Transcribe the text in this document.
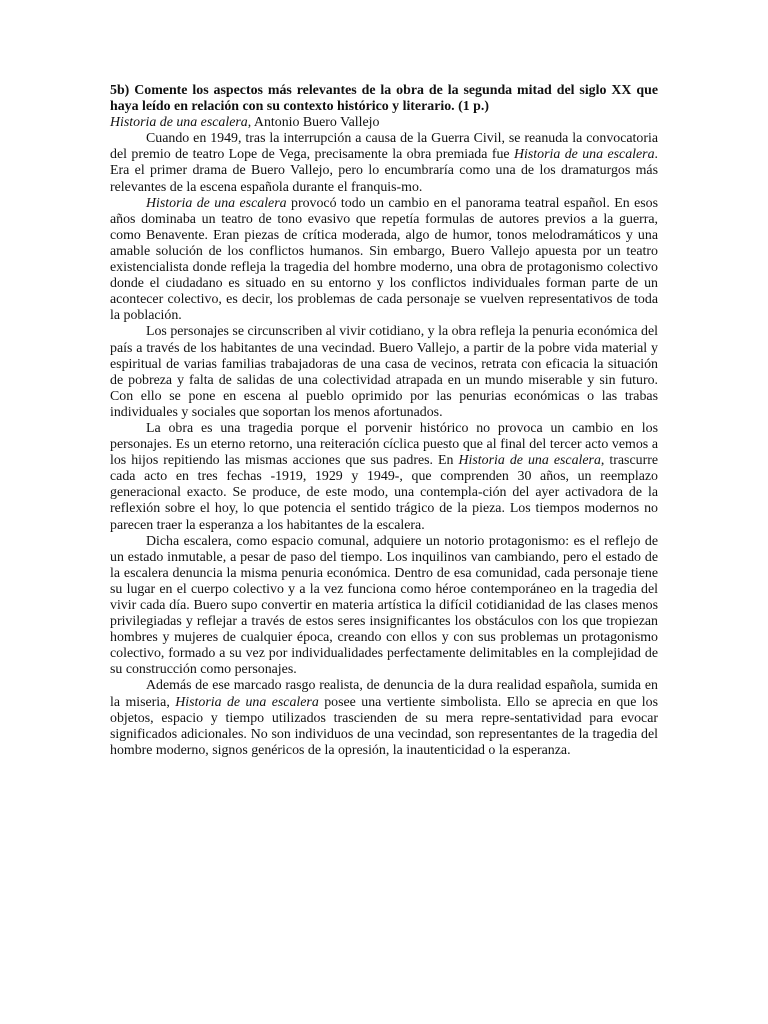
5b) Comente los aspectos más relevantes de la obra de la segunda mitad del siglo XX que haya leído en relación con su contexto histórico y literario. (1 p.)

Historia de una escalera, Antonio Buero Vallejo

Cuando en 1949, tras la interrupción a causa de la Guerra Civil, se reanuda la convocatoria del premio de teatro Lope de Vega, precisamente la obra premiada fue Historia de una escalera. Era el primer drama de Buero Vallejo, pero lo encumbraría como una de los dramaturgos más relevantes de la escena española durante el franquis-mo.

Historia de una escalera provocó todo un cambio en el panorama teatral español. En esos años dominaba un teatro de tono evasivo que repetía formulas de autores previos a la guerra, como Benavente. Eran piezas de crítica moderada, algo de humor, tonos melodramáticos y una amable solución de los conflictos humanos. Sin embargo, Buero Vallejo apuesta por un teatro existencialista donde refleja la tragedia del hombre moderno, una obra de protagonismo colectivo donde el ciudadano es situado en su entorno y los conflictos individuales forman parte de un acontecer colectivo, es decir, los problemas de cada personaje se vuelven representativos de toda la población.

Los personajes se circunscriben al vivir cotidiano, y la obra refleja la penuria económica del país a través de los habitantes de una vecindad. Buero Vallejo, a partir de la pobre vida material y espiritual de varias familias trabajadoras de una casa de vecinos, retrata con eficacia la situación de pobreza y falta de salidas de una colectividad atrapada en un mundo miserable y sin futuro. Con ello se pone en escena al pueblo oprimido por las penurias económicas o las trabas individuales y sociales que soportan los menos afortunados.

La obra es una tragedia porque el porvenir histórico no provoca un cambio en los personajes. Es un eterno retorno, una reiteración cíclica puesto que al final del tercer acto vemos a los hijos repitiendo las mismas acciones que sus padres. En Historia de una escalera, trascurre cada acto en tres fechas -1919, 1929 y 1949-, que comprenden 30 años, un reemplazo generacional exacto. Se produce, de este modo, una contempla-ción del ayer activadora de la reflexión sobre el hoy, lo que potencia el sentido trágico de la pieza. Los tiempos modernos no parecen traer la esperanza a los habitantes de la escalera.

Dicha escalera, como espacio comunal, adquiere un notorio protagonismo: es el reflejo de un estado inmutable, a pesar de paso del tiempo. Los inquilinos van cambiando, pero el estado de la escalera denuncia la misma penuria económica. Dentro de esa comunidad, cada personaje tiene su lugar en el cuerpo colectivo y a la vez funciona como héroe contemporáneo en la tragedia del vivir cada día. Buero supo convertir en materia artística la difícil cotidianidad de las clases menos privilegiadas y reflejar a través de estos seres insignificantes los obstáculos con los que tropiezan hombres y mujeres de cualquier época, creando con ellos y con sus problemas un protagonismo colectivo, formado a su vez por individualidades perfectamente delimitables en la complejidad de su construcción como personajes.

Además de ese marcado rasgo realista, de denuncia de la dura realidad española, sumida en la miseria, Historia de una escalera posee una vertiente simbolista. Ello se aprecia en que los objetos, espacio y tiempo utilizados trascienden de su mera repre-sentatividad para evocar significados adicionales. No son individuos de una vecindad, son representantes de la tragedia del hombre moderno, signos genéricos de la opresión, la inautenticidad o la esperanza.
